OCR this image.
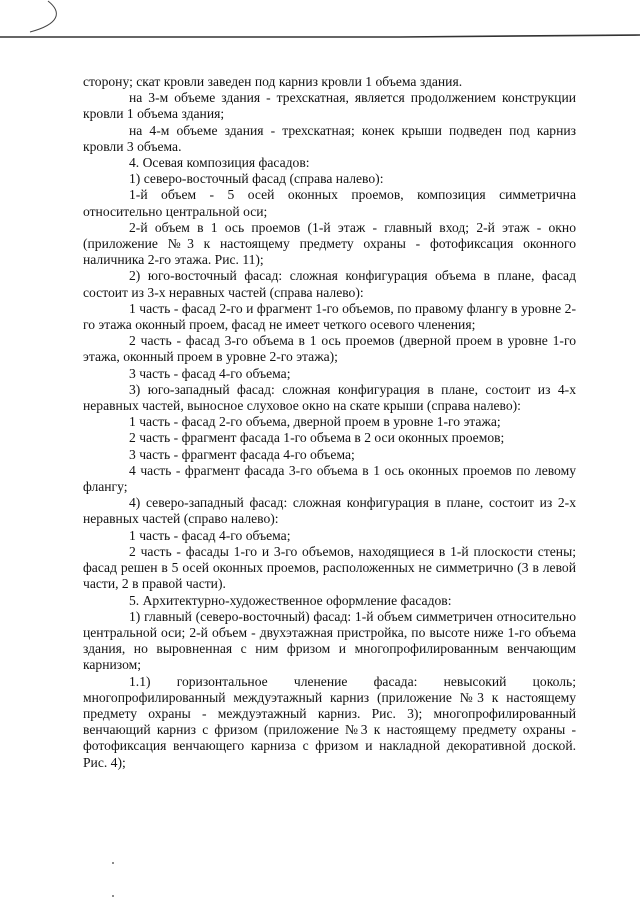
сторону; скат кровли заведен под карниз кровли 1 объема здания.

на 3-м объеме здания - трехскатная, является продолжением конструкции кровли 1 объема здания;

на 4-м объеме здания - трехскатная; конек крыши подведен под карниз кровли 3 объема.

4. Осевая композиция фасадов:

1) северо-восточный фасад (справа налево):

1-й объем - 5 осей оконных проемов, композиция симметрична относительно центральной оси;

2-й объем в 1 ось проемов (1-й этаж - главный вход; 2-й этаж - окно (приложение №3 к настоящему предмету охраны - фотофиксация оконного наличника 2-го этажа. Рис. 11);

2) юго-восточный фасад: сложная конфигурация объема в плане, фасад состоит из 3-х неравных частей (справа налево):

1 часть - фасад 2-го и фрагмент 1-го объемов, по правому флангу в уровне 2-го этажа оконный проем, фасад не имеет четкого осевого членения;

2 часть - фасад 3-го объема в 1 ось проемов (дверной проем в уровне 1-го этажа, оконный проем в уровне 2-го этажа);

3 часть - фасад 4-го объема;

3) юго-западный фасад: сложная конфигурация в плане, состоит из 4-х неравных частей, выносное слуховое окно на скате крыши (справа налево):

1 часть - фасад 2-го объема, дверной проем в уровне 1-го этажа;

2 часть - фрагмент фасада 1-го объема в 2 оси оконных проемов;

3 часть - фрагмент фасада 4-го объема;

4 часть - фрагмент фасада 3-го объема в 1 ось оконных проемов по левому флангу;

4) северо-западный фасад: сложная конфигурация в плане, состоит из 2-х неравных частей (справо налево):

1 часть - фасад 4-го объема;

2 часть - фасады 1-го и 3-го объемов, находящиеся в 1-й плоскости стены; фасад решен в 5 осей оконных проемов, расположенных не симметрично (3 в левой части, 2 в правой части).

5. Архитектурно-художественное оформление фасадов:

1) главный (северо-восточный) фасад: 1-й объем симметричен относительно центральной оси; 2-й объем - двухэтажная пристройка, по высоте ниже 1-го объема здания, но выровненная с ним фризом и многопрофилированным венчающим карнизом;

1.1) горизонтальное членение фасада: невысокий цоколь; многопрофилированный междуэтажный карниз (приложение №3 к настоящему предмету охраны - междуэтажный карниз. Рис. 3); многопрофилированный венчающий карниз с фризом (приложение №3 к настоящему предмету охраны - фотофиксация венчающего карниза с фризом и накладной декоративной доской. Рис. 4);
